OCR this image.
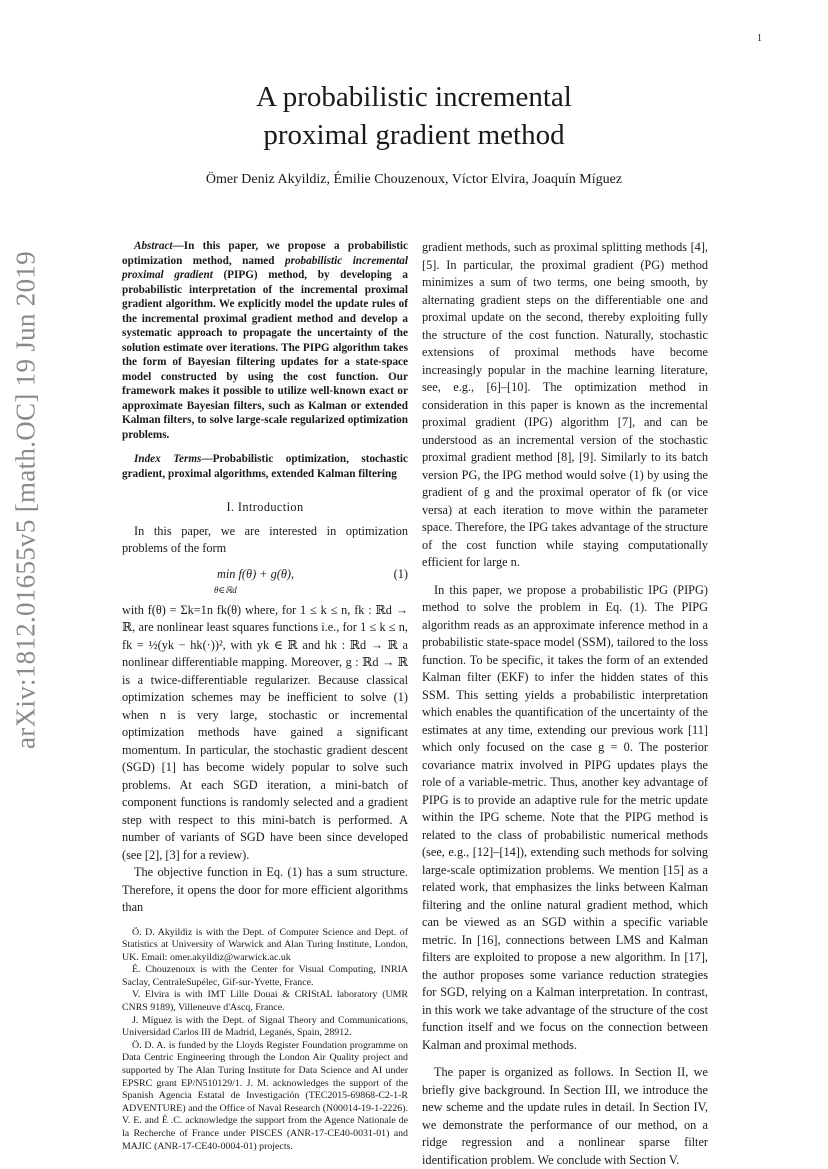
1
A probabilistic incremental
proximal gradient method
Ömer Deniz Akyildiz, Émilie Chouzenoux, Víctor Elvira, Joaquín Míguez
arXiv:1812.01655v5 [math.OC] 19 Jun 2019

Abstract—In this paper, we propose a probabilistic optimization method, named probabilistic incremental proximal gradient (PIPG) method, by developing a probabilistic interpretation of the incremental proximal gradient algorithm. We explicitly model the update rules of the incremental proximal gradient method and develop a systematic approach to propagate the uncertainty of the solution estimate over iterations. The PIPG algorithm takes the form of Bayesian filtering updates for a state-space model constructed by using the cost function. Our framework makes it possible to utilize well-known exact or approximate Bayesian filters, such as Kalman or extended Kalman filters, to solve large-scale regularized optimization problems.

Index Terms—Probabilistic optimization, stochastic gradient, proximal algorithms, extended Kalman filtering

I. Introduction

In this paper, we are interested in optimization problems of the form

min f(θ) + g(θ),
θ∈ℝd
(1)

with f(θ) = Σk=1n fk(θ) where, for 1 ≤ k ≤ n, fk : ℝd → ℝ, are nonlinear least squares functions i.e., for 1 ≤ k ≤ n, fk = ½(yk − hk(·))², with yk ∈ ℝ and hk : ℝd → ℝ a nonlinear differentiable mapping. Moreover, g : ℝd → ℝ is a twice-differentiable regularizer. Because classical optimization schemes may be inefficient to solve (1) when n is very large, stochastic or incremental optimization methods have gained a significant momentum. In particular, the stochastic gradient descent (SGD) [1] has become widely popular to solve such problems. At each SGD iteration, a mini-batch of component functions is randomly selected and a gradient step with respect to this mini-batch is performed. A number of variants of SGD have been since developed (see [2], [3] for a review).

The objective function in Eq. (1) has a sum structure. Therefore, it opens the door for more efficient algorithms than

Ö. D. Akyildiz is with the Dept. of Computer Science and Dept. of Statistics at University of Warwick and Alan Turing Institute, London, UK. Email: omer.akyildiz@warwick.ac.uk

É. Chouzenoux is with the Center for Visual Computing, INRIA Saclay, CentraleSupélec, Gif-sur-Yvette, France.

V. Elvira is with IMT Lille Douai & CRIStAL laboratory (UMR CNRS 9189), Villeneuve d'Ascq, France.

J. Míguez is with the Dept. of Signal Theory and Communications, Universidad Carlos III de Madrid, Leganés, Spain, 28912.

Ö. D. A. is funded by the Lloyds Register Foundation programme on Data Centric Engineering through the London Air Quality project and supported by The Alan Turing Institute for Data Science and AI under EPSRC grant EP/N510129/1. J. M. acknowledges the support of the Spanish Agencia Estatal de Investigación (TEC2015-69868-C2-1-R ADVENTURE) and the Office of Naval Research (N00014-19-1-2226). V. E. and É .C. acknowledge the support from the Agence Nationale de la Recherche of France under PISCES (ANR-17-CE40-0031-01) and MAJIC (ANR-17-CE40-0004-01) projects.

gradient methods, such as proximal splitting methods [4], [5]. In particular, the proximal gradient (PG) method minimizes a sum of two terms, one being smooth, by alternating gradient steps on the differentiable one and proximal update on the second, thereby exploiting fully the structure of the cost function. Naturally, stochastic extensions of proximal methods have become increasingly popular in the machine learning literature, see, e.g., [6]–[10]. The optimization method in consideration in this paper is known as the incremental proximal gradient (IPG) algorithm [7], and can be understood as an incremental version of the stochastic proximal gradient method [8], [9]. Similarly to its batch version PG, the IPG method would solve (1) by using the gradient of g and the proximal operator of fk (or vice versa) at each iteration to move within the parameter space. Therefore, the IPG takes advantage of the structure of the cost function while staying computationally efficient for large n.

In this paper, we propose a probabilistic IPG (PIPG) method to solve the problem in Eq. (1). The PIPG algorithm reads as an approximate inference method in a probabilistic state-space model (SSM), tailored to the loss function. To be specific, it takes the form of an extended Kalman filter (EKF) to infer the hidden states of this SSM. This setting yields a probabilistic interpretation which enables the quantification of the uncertainty of the estimates at any time, extending our previous work [11] which only focused on the case g = 0. The posterior covariance matrix involved in PIPG updates plays the role of a variable-metric. Thus, another key advantage of PIPG is to provide an adaptive rule for the metric update within the IPG scheme. Note that the PIPG method is related to the class of probabilistic numerical methods (see, e.g., [12]–[14]), extending such methods for solving large-scale optimization problems. We mention [15] as a related work, that emphasizes the links between Kalman filtering and the online natural gradient method, which can be viewed as an SGD within a specific variable metric. In [16], connections between LMS and Kalman filters are exploited to propose a new algorithm. In [17], the author proposes some variance reduction strategies for SGD, relying on a Kalman interpretation. In contrast, in this work we take advantage of the structure of the cost function itself and we focus on the connection between Kalman and proximal methods.

The paper is organized as follows. In Section II, we briefly give background. In Section III, we introduce the new scheme and the update rules in detail. In Section IV, we demonstrate the performance of our method, on a ridge regression and a nonlinear sparse filter identification problem. We conclude with Section V.
